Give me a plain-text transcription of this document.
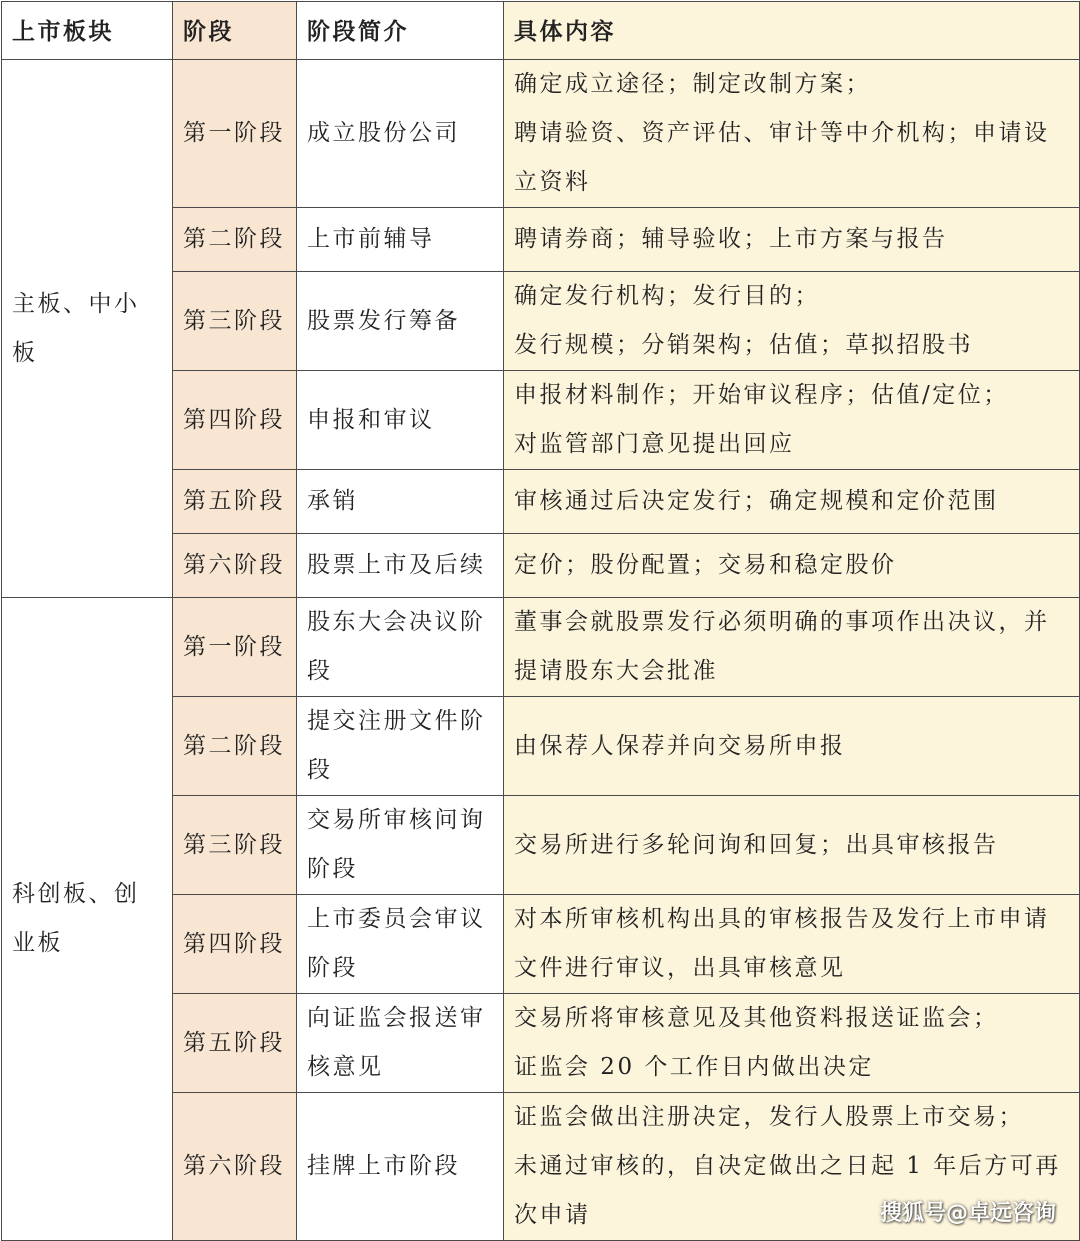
上市板块	阶段	阶段简介	具体内容
主板、中小板	第一阶段	成立股份公司	确定成立途径；制定改制方案；
聘请验资、资产评估、审计等中介机构；申请设立资料

	第二阶段	上市前辅导	聘请券商；辅导验收；上市方案与报告

	第三阶段	股票发行筹备	确定发行机构；发行目的；
发行规模；分销架构；估值；草拟招股书

	第四阶段	申报和审议	申报材料制作；开始审议程序；估值/定位；
对监管部门意见提出回应

	第五阶段	承销	审核通过后决定发行；确定规模和定价范围

	第六阶段	股票上市及后续	定价；股份配置；交易和稳定股价

科创板、创业板	第一阶段	股东大会决议阶段	董事会就股票发行必须明确的事项作出决议，并提请股东大会批准

	第二阶段	提交注册文件阶段	由保荐人保荐并向交易所申报

	第三阶段	交易所审核问询阶段	交易所进行多轮问询和回复；出具审核报告

	第四阶段	上市委员会审议阶段	对本所审核机构出具的审核报告及发行上市申请文件进行审议，出具审核意见

	第五阶段	向证监会报送审核意见	交易所将审核意见及其他资料报送证监会；
证监会 20 个工作日内做出决定

	第六阶段	挂牌上市阶段	证监会做出注册决定，发行人股票上市交易；
未通过审核的，自决定做出之日起 1 年后方可再次申请	搜狐号@卓远咨询
